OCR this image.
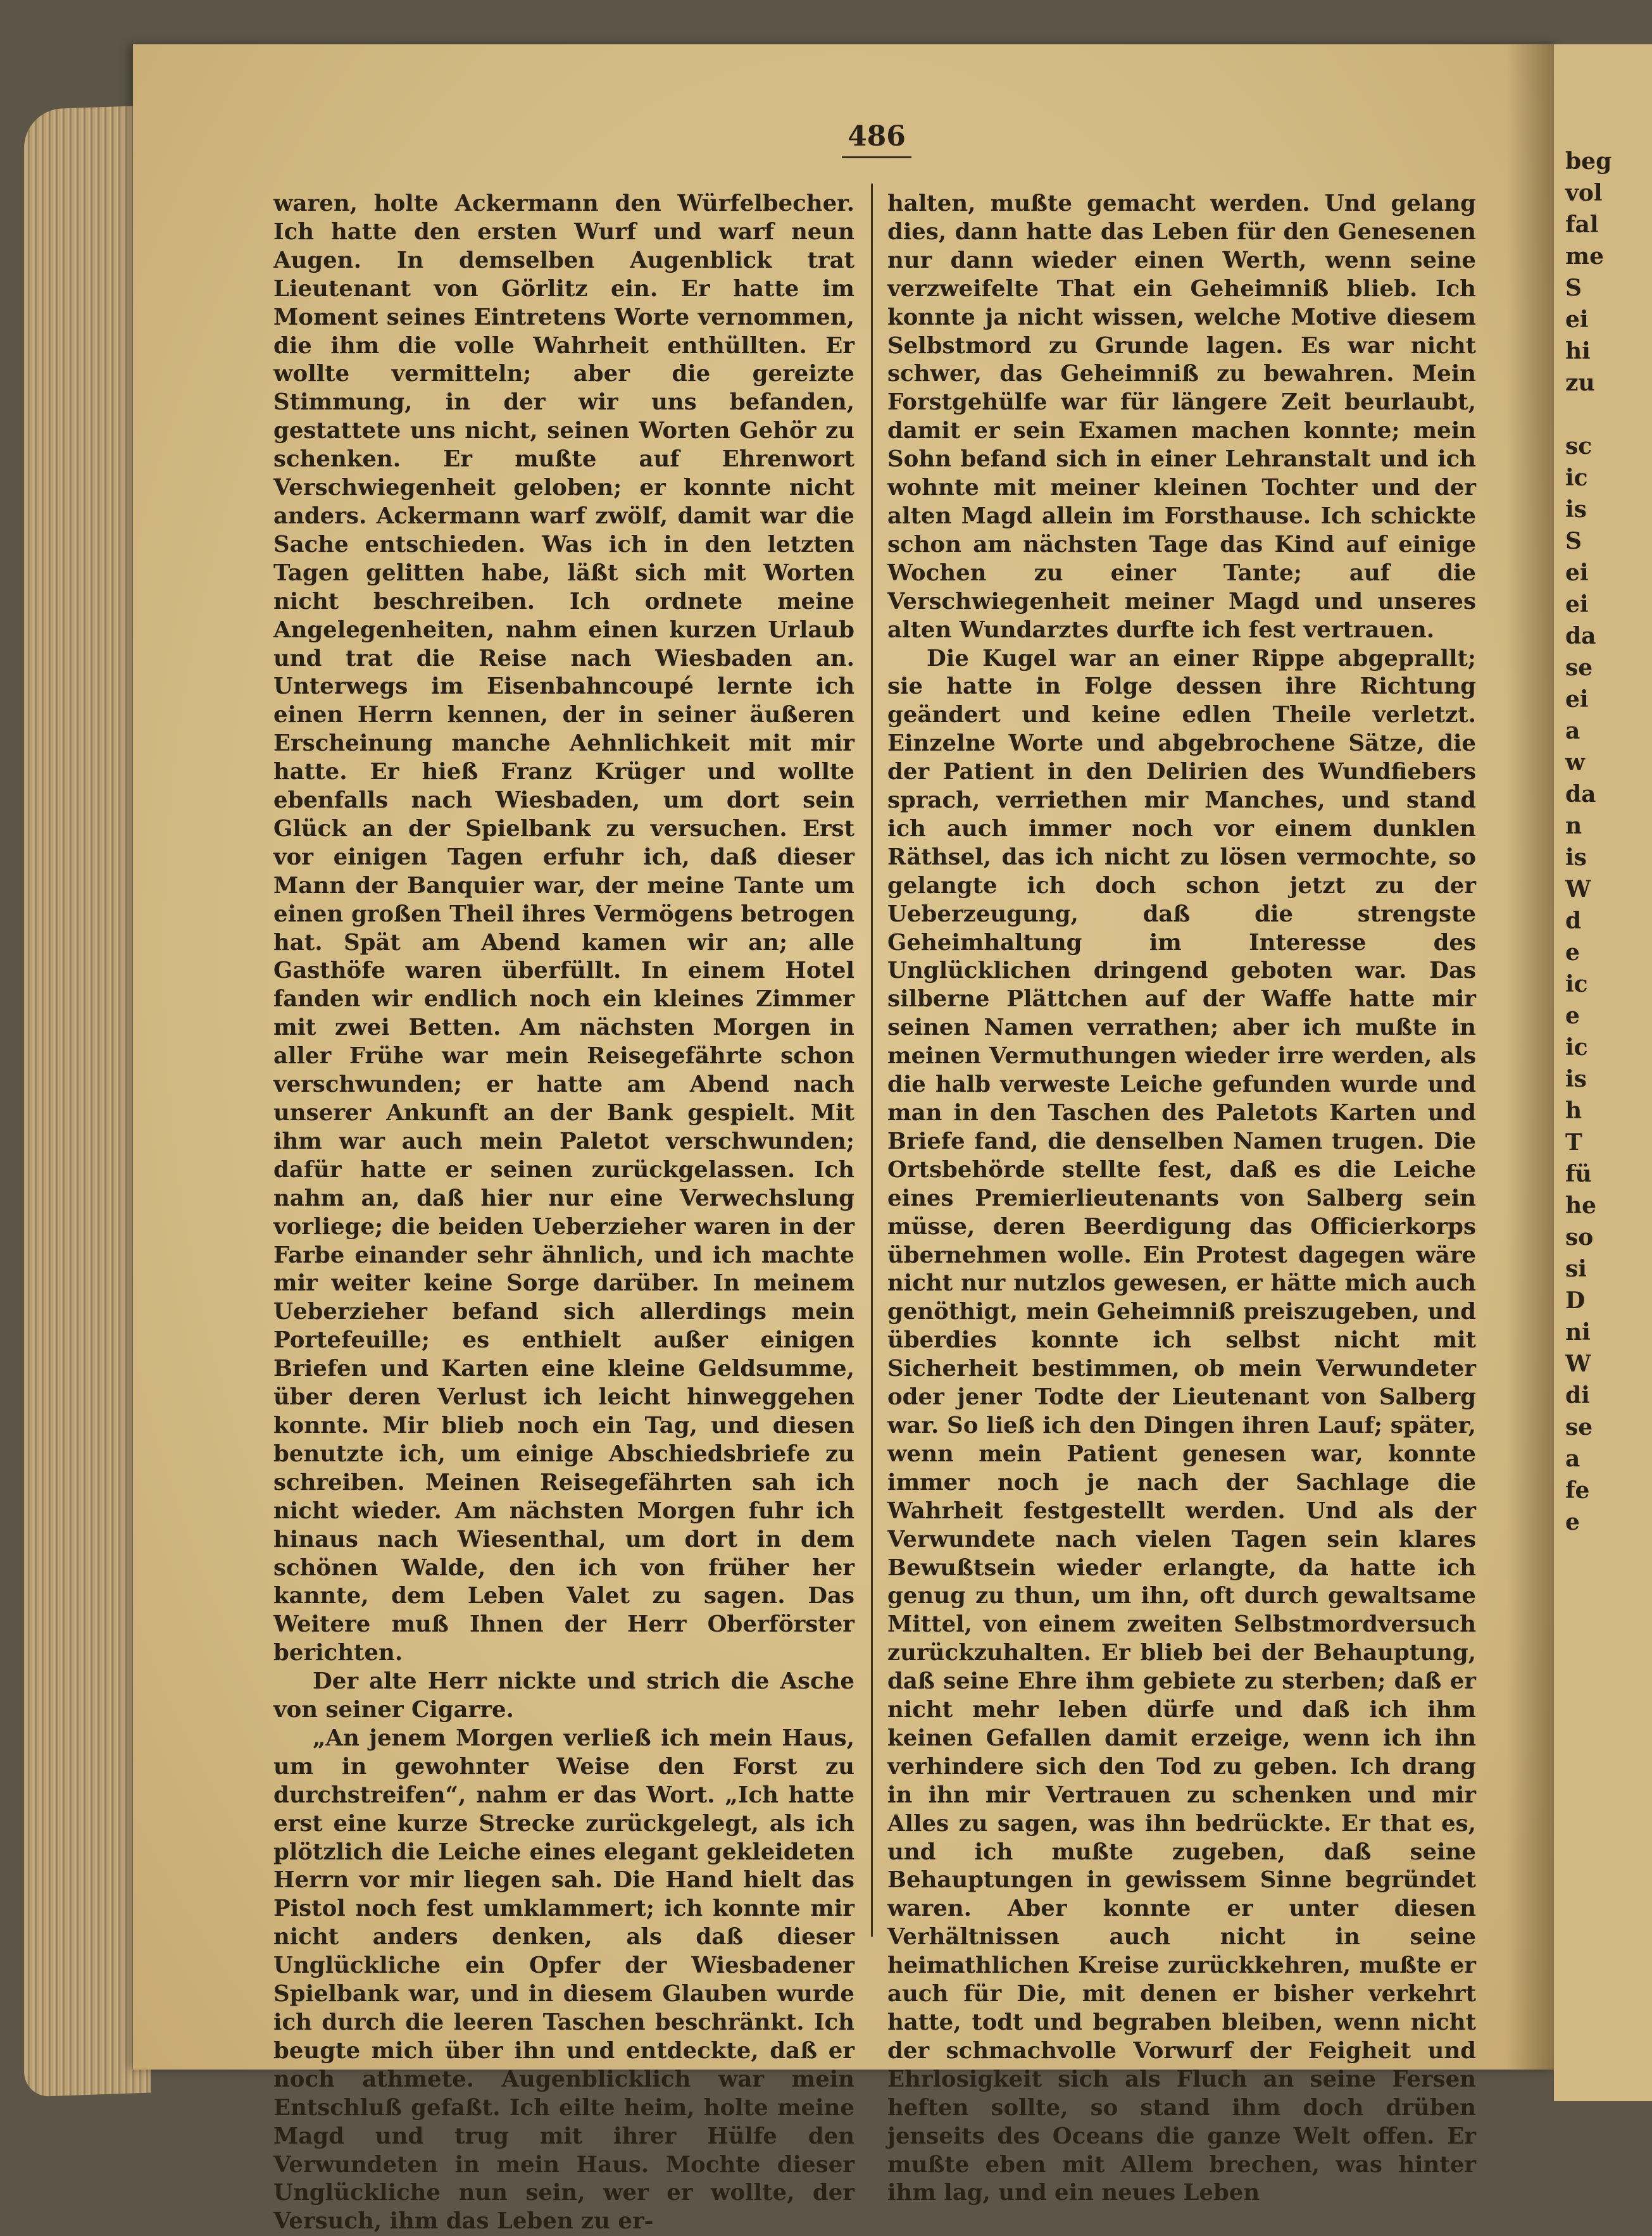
beg
vol
fal
me
S
ei
hi
zu
sc
ic
is
S
ei
ei
da
se
ei
a
w
da
n
is
W
d
e
ic
e
ic
is
h
T
fü
he
so
si
D
ni
W
di
se
a
fe
e
486

waren, holte Ackermann den Würfelbecher. Ich hatte den ersten Wurf und warf neun Augen. In demselben Augenblick trat Lieutenant von Görlitz ein. Er hatte im Moment seines Eintretens Worte vernommen, die ihm die volle Wahrheit enthüllten. Er wollte vermitteln; aber die gereizte Stimmung, in der wir uns befanden, gestattete uns nicht, seinen Worten Gehör zu schenken. Er mußte auf Ehrenwort Verschwiegenheit geloben; er konnte nicht anders. Ackermann warf zwölf, damit war die Sache entschieden. Was ich in den letzten Tagen gelitten habe, läßt sich mit Worten nicht beschreiben. Ich ordnete meine Angelegenheiten, nahm einen kurzen Urlaub und trat die Reise nach Wiesbaden an. Unterwegs im Eisenbahncoupé lernte ich einen Herrn kennen, der in seiner äußeren Erscheinung manche Aehnlichkeit mit mir hatte. Er hieß Franz Krüger und wollte ebenfalls nach Wiesbaden, um dort sein Glück an der Spielbank zu versuchen. Erst vor einigen Tagen erfuhr ich, daß dieser Mann der Banquier war, der meine Tante um einen großen Theil ihres Vermögens betrogen hat. Spät am Abend kamen wir an; alle Gasthöfe waren überfüllt. In einem Hotel fanden wir endlich noch ein kleines Zimmer mit zwei Betten. Am nächsten Morgen in aller Frühe war mein Reisegefährte schon verschwunden; er hatte am Abend nach unserer Ankunft an der Bank gespielt. Mit ihm war auch mein Paletot verschwunden; dafür hatte er seinen zurückgelassen. Ich nahm an, daß hier nur eine Verwechslung vorliege; die beiden Ueberzieher waren in der Farbe einander sehr ähnlich, und ich machte mir weiter keine Sorge darüber. In meinem Ueberzieher befand sich allerdings mein Portefeuille; es enthielt außer einigen Briefen und Karten eine kleine Geldsumme, über deren Verlust ich leicht hinweggehen konnte. Mir blieb noch ein Tag, und diesen benutzte ich, um einige Abschiedsbriefe zu schreiben. Meinen Reisegefährten sah ich nicht wieder. Am nächsten Morgen fuhr ich hinaus nach Wiesenthal, um dort in dem schönen Walde, den ich von früher her kannte, dem Leben Valet zu sagen. Das Weitere muß Ihnen der Herr Oberförster berichten.

Der alte Herr nickte und strich die Asche von seiner Cigarre.

„An jenem Morgen verließ ich mein Haus, um in gewohnter Weise den Forst zu durchstreifen“, nahm er das Wort. „Ich hatte erst eine kurze Strecke zurückgelegt, als ich plötzlich die Leiche eines elegant gekleideten Herrn vor mir liegen sah. Die Hand hielt das Pistol noch fest umklammert; ich konnte mir nicht anders denken, als daß dieser Unglückliche ein Opfer der Wiesbadener Spielbank war, und in diesem Glauben wurde ich durch die leeren Taschen beschränkt. Ich beugte mich über ihn und entdeckte, daß er noch athmete. Augenblicklich war mein Entschluß gefaßt. Ich eilte heim, holte meine Magd und trug mit ihrer Hülfe den Verwundeten in mein Haus. Mochte dieser Unglückliche nun sein, wer er wollte, der Versuch, ihm das Leben zu er-

halten, mußte gemacht werden. Und gelang dies, dann hatte das Leben für den Genesenen nur dann wieder einen Werth, wenn seine verzweifelte That ein Geheimniß blieb. Ich konnte ja nicht wissen, welche Motive diesem Selbstmord zu Grunde lagen. Es war nicht schwer, das Geheimniß zu bewahren. Mein Forstgehülfe war für längere Zeit beurlaubt, damit er sein Examen machen konnte; mein Sohn befand sich in einer Lehranstalt und ich wohnte mit meiner kleinen Tochter und der alten Magd allein im Forsthause. Ich schickte schon am nächsten Tage das Kind auf einige Wochen zu einer Tante; auf die Verschwiegenheit meiner Magd und unseres alten Wundarztes durfte ich fest vertrauen.

Die Kugel war an einer Rippe abgeprallt; sie hatte in Folge dessen ihre Richtung geändert und keine edlen Theile verletzt. Einzelne Worte und abgebrochene Sätze, die der Patient in den Delirien des Wundfiebers sprach, verriethen mir Manches, und stand ich auch immer noch vor einem dunklen Räthsel, das ich nicht zu lösen vermochte, so gelangte ich doch schon jetzt zu der Ueberzeugung, daß die strengste Geheimhaltung im Interesse des Unglücklichen dringend geboten war. Das silberne Plättchen auf der Waffe hatte mir seinen Namen verrathen; aber ich mußte in meinen Vermuthungen wieder irre werden, als die halb verweste Leiche gefunden wurde und man in den Taschen des Paletots Karten und Briefe fand, die denselben Namen trugen. Die Ortsbehörde stellte fest, daß es die Leiche eines Premierlieutenants von Salberg sein müsse, deren Beerdigung das Officierkorps übernehmen wolle. Ein Protest dagegen wäre nicht nur nutzlos gewesen, er hätte mich auch genöthigt, mein Geheimniß preiszugeben, und überdies konnte ich selbst nicht mit Sicherheit bestimmen, ob mein Verwundeter oder jener Todte der Lieutenant von Salberg war. So ließ ich den Dingen ihren Lauf; später, wenn mein Patient genesen war, konnte immer noch je nach der Sachlage die Wahrheit festgestellt werden. Und als der Verwundete nach vielen Tagen sein klares Bewußtsein wieder erlangte, da hatte ich genug zu thun, um ihn, oft durch gewaltsame Mittel, von einem zweiten Selbstmordversuch zurückzuhalten. Er blieb bei der Behauptung, daß seine Ehre ihm gebiete zu sterben; daß er nicht mehr leben dürfe und daß ich ihm keinen Gefallen damit erzeige, wenn ich ihn verhindere sich den Tod zu geben. Ich drang in ihn mir Vertrauen zu schenken und mir Alles zu sagen, was ihn bedrückte. Er that es, und ich mußte zugeben, daß seine Behauptungen in gewissem Sinne begründet waren. Aber konnte er unter diesen Verhältnissen auch nicht in seine heimathlichen Kreise zurückkehren, mußte er auch für Die, mit denen er bisher verkehrt hatte, todt und begraben bleiben, wenn nicht der schmachvolle Vorwurf der Feigheit und Ehrlosigkeit sich als Fluch an seine Fersen heften sollte, so stand ihm doch drüben jenseits des Oceans die ganze Welt offen. Er mußte eben mit Allem brechen, was hinter ihm lag, und ein neues Leben
